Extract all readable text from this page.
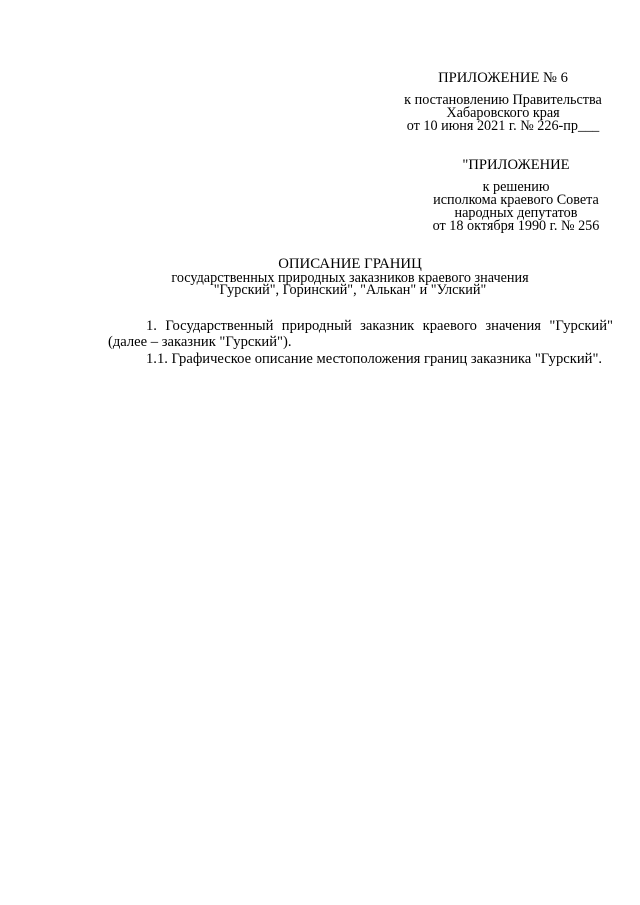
ПРИЛОЖЕНИЕ № 6
к постановлению Правительства
Хабаровского края
от 10 июня 2021 г. № 226-пр___
"ПРИЛОЖЕНИЕ
к решению
исполкома краевого Совета
народных депутатов
от 18 октября 1990 г. № 256
ОПИСАНИЕ ГРАНИЦ
государственных природных заказников краевого значения
"Гурский", Горинский", "Алькан" и "Улский"

1. Государственный природный заказник краевого значения "Гурский" (далее – заказник "Гурский").

1.1. Графическое описание местоположения границ заказника "Гурский".
